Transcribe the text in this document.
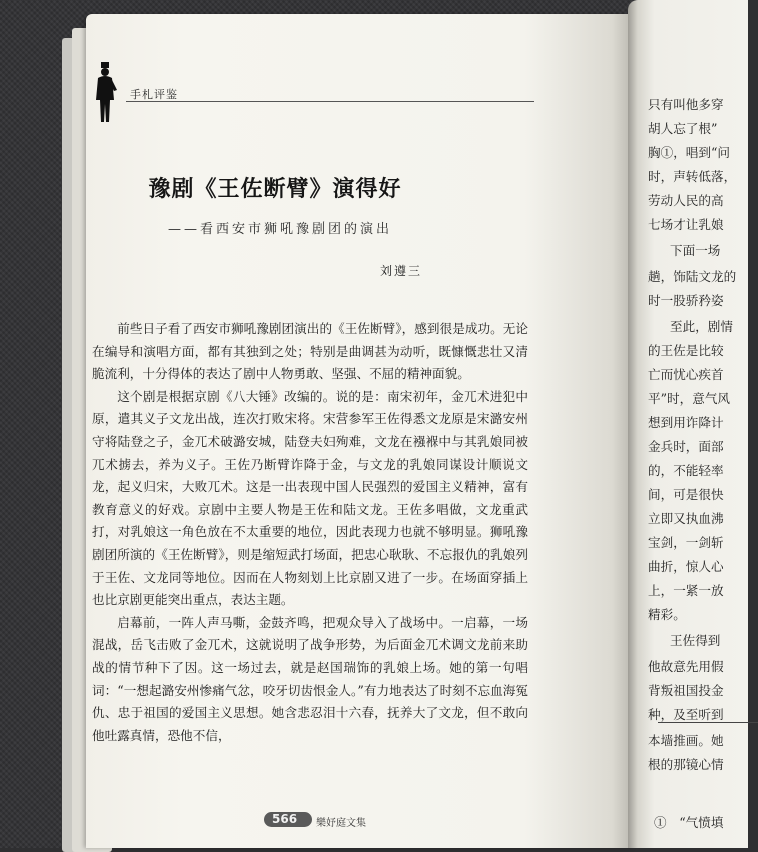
手札评鉴
豫剧《王佐断臂》演得好
——看西安市狮吼豫剧团的演出
刘遵三

前些日子看了西安市狮吼豫剧团演出的《王佐断臂》，感到很是成功。无论在编导和演唱方面，都有其独到之处；特别是曲调甚为动听，既慷慨悲壮又清脆流利，十分得体的表达了剧中人物勇敢、坚强、不屈的精神面貌。

这个剧是根据京剧《八大锤》改编的。说的是：南宋初年，金兀术进犯中原，遣其义子文龙出战，连次打败宋将。宋营参军王佐得悉文龙原是宋潞安州守将陆登之子，金兀术破潞安城，陆登夫妇殉难，文龙在襁褓中与其乳娘同被兀术掳去，养为义子。王佐乃断臂诈降于金，与文龙的乳娘同谋设计顺说文龙，起义归宋，大败兀术。这是一出表现中国人民强烈的爱国主义精神，富有教育意义的好戏。京剧中主要人物是王佐和陆文龙。王佐多唱做，文龙重武打，对乳娘这一角色放在不太重要的地位，因此表现力也就不够明显。狮吼豫剧团所演的《王佐断臂》，则是缩短武打场面，把忠心耿耿、不忘报仇的乳娘列于王佐、文龙同等地位。因而在人物刻划上比京剧又进了一步。在场面穿插上也比京剧更能突出重点，表达主题。

启幕前，一阵人声马嘶，金鼓齐鸣，把观众导入了战场中。一启幕，一场混战，岳飞击败了金兀术，这就说明了战争形势，为后面金兀术调文龙前来助战的情节种下了因。这一场过去，就是赵国瑞饰的乳娘上场。她的第一句唱词：“一想起潞安州惨痛气忿，咬牙切齿恨金人。”有力地表达了时刻不忘血海冤仇、忠于祖国的爱国主义思想。她含悲忍泪十六春，抚养大了文龙，但不敢向他吐露真情，恐他不信，

566 樂妤庭文集
只有叫他多穿
胡人忘了根”
胸①，唱到“问
时，声转低落，
劳动人民的高
七场才让乳娘
下面一场
趟，饰陆文龙的
时一股骄矜姿
至此，剧情
的王佐是比较
亡而忧心疾首
平”时，意气风
想到用诈降计
金兵时，面部
的，不能轻率
间，可是很快
立即又执血沸
宝剑，一剑斩
曲折，惊人心
上，一紧一放
精彩。
王佐得到
他故意先用假
背叛祖国投金
种，及至听到
本墙推画。她
根的那镜心情
①　“气愤填
